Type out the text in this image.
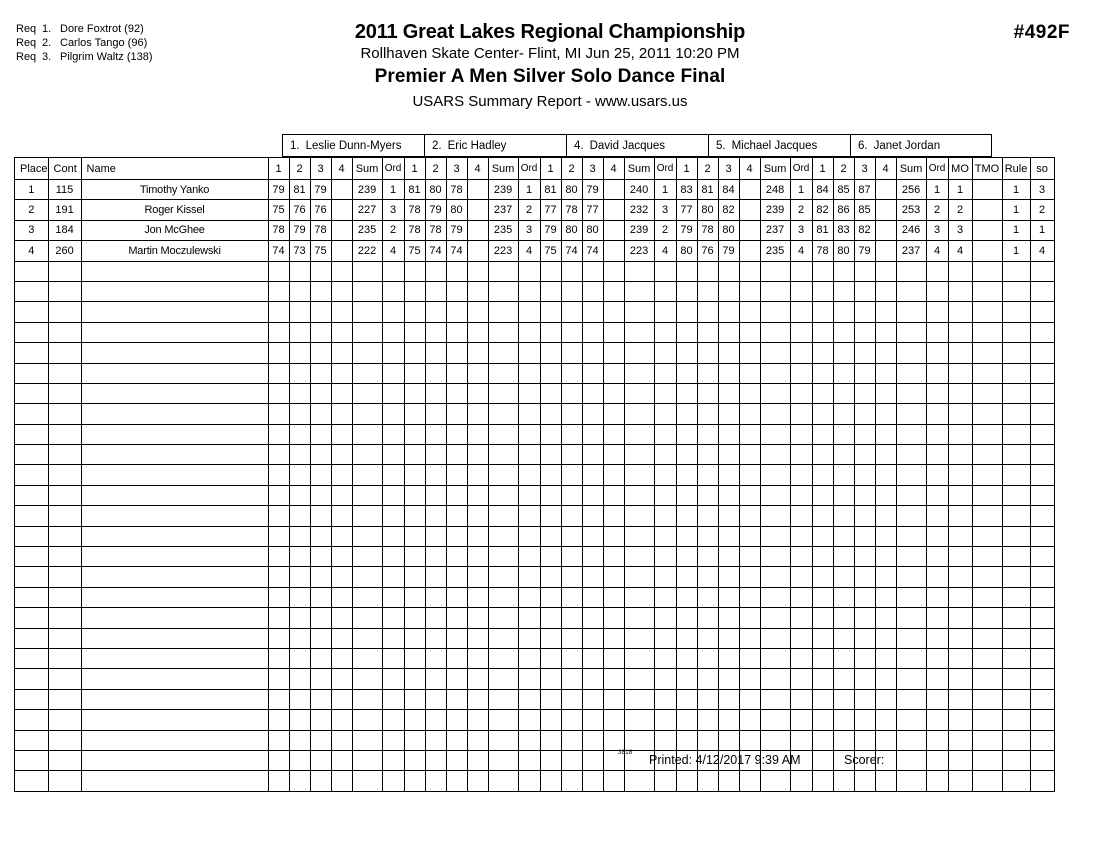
Req 1. Dore Foxtrot (92)
Req 2. Carlos Tango (96)
Req 3. Pilgrim Waltz (138)
2011 Great Lakes Regional Championship
Rollhaven Skate Center- Flint, MI Jun 25, 2011 10:20 PM
Premier A Men Silver Solo Dance Final
USARS Summary Report - www.usars.us
#492F
1. Leslie Dunn-Myers	2. Eric Hadley	4. David Jacques	5. Michael Jacques	6. Janet Jordan
Place	Cont	Name	1	2	3	4	Sum	Ord	1	2	3	4	Sum	Ord	1	2	3	4	Sum	Ord	1	2	3	4	Sum	Ord	1	2	3	4	Sum	Ord	MO	TMO	Rule	so
1	115	Timothy Yanko	79	81	79		239	1	81	80	78		239	1	81	80	79		240	1	83	81	84		248	1	84	85	87		256	1	1		1	3
2	191	Roger Kissel	75	76	76		227	3	78	79	80		237	2	77	78	77		232	3	77	80	82		239	2	82	86	85		253	2	2		1	2
3	184	Jon McGhee	78	79	78		235	2	78	78	79		235	3	79	80	80		239	2	79	78	80		237	3	81	83	82		246	3	3		1	1
4	260	Martin Moczulewski	74	73	75		222	4	75	74	74		223	4	75	74	74		223	4	80	76	79		235	4	78	80	79		237	4	4		1	4

3818 Printed: 4/12/2017 9:39 AM	Scorer:
